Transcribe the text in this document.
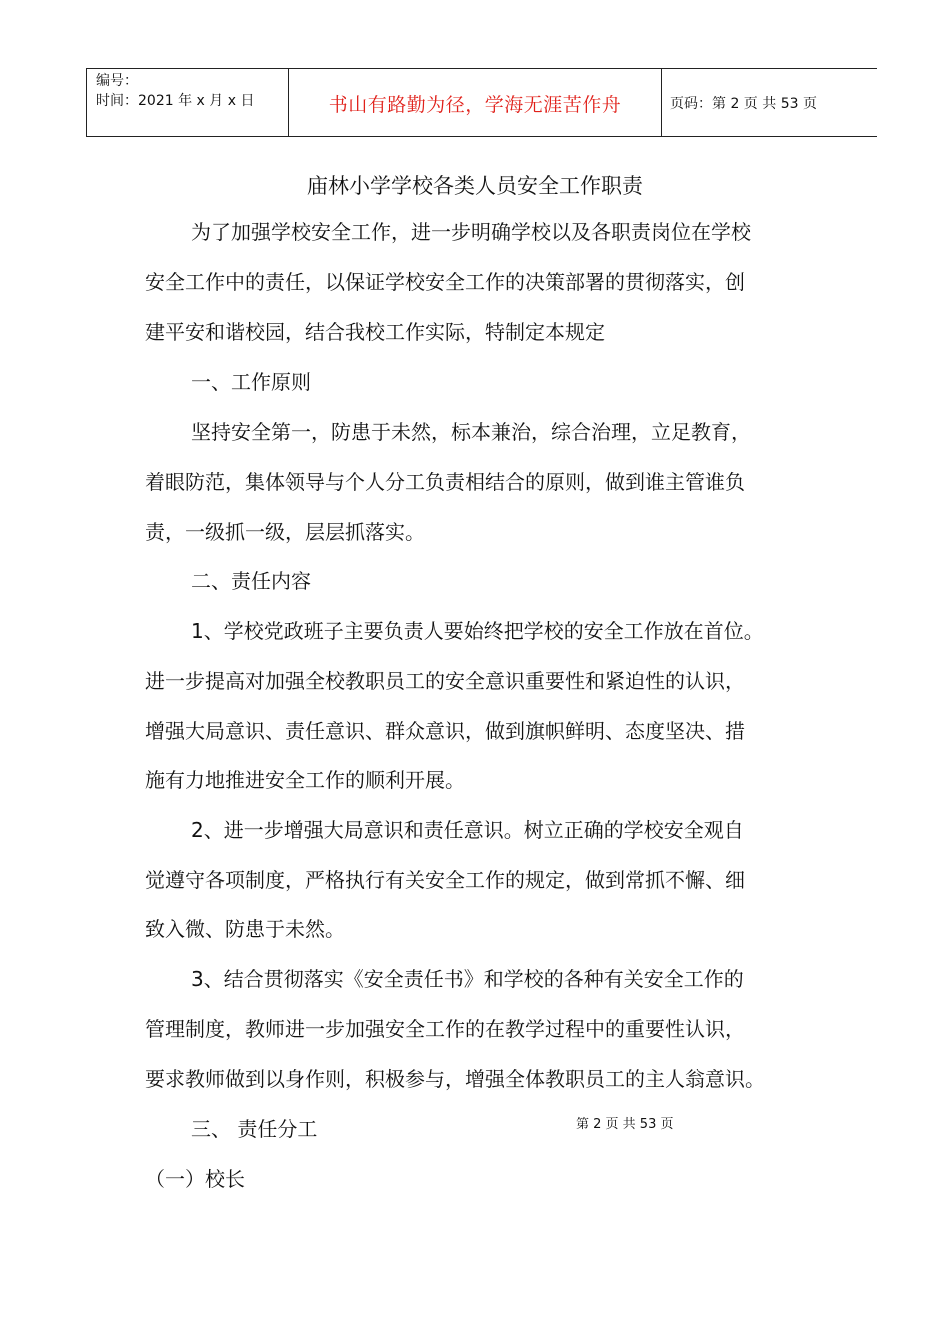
编号：
时间：2021 年 x 月 x 日	书山有路勤为径，学海无涯苦作舟	页码：第 2 页 共 53 页
庙林小学学校各类人员安全工作职责
为了加强学校安全工作，进一步明确学校以及各职责岗位在学校
安全工作中的责任，以保证学校安全工作的决策部署的贯彻落实，创
建平安和谐校园，结合我校工作实际，特制定本规定
一、工作原则
坚持安全第一，防患于未然，标本兼治，综合治理，立足教育，
着眼防范，集体领导与个人分工负责相结合的原则，做到谁主管谁负
责，一级抓一级，层层抓落实。
二、责任内容
1、学校党政班子主要负责人要始终把学校的安全工作放在首位。
进一步提高对加强全校教职员工的安全意识重要性和紧迫性的认识，
增强大局意识、责任意识、群众意识，做到旗帜鲜明、态度坚决、措
施有力地推进安全工作的顺利开展。
2、进一步增强大局意识和责任意识。树立正确的学校安全观自
觉遵守各项制度，严格执行有关安全工作的规定，做到常抓不懈、细
致入微、防患于未然。
3、结合贯彻落实《安全责任书》和学校的各种有关安全工作的
管理制度，教师进一步加强安全工作的在教学过程中的重要性认识，
要求教师做到以身作则，积极参与，增强全体教职员工的主人翁意识。
三、 责任分工
（一）校长
第 2 页 共 53 页
